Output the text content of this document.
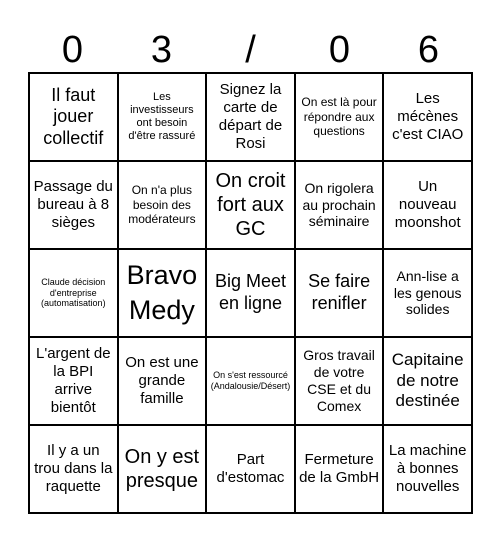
0	3	/	0	6
Il faut jouer collectif
Les investisseurs ont besoin d'être rassuré
Signez la carte de départ de Rosi
On est là pour répondre aux questions
Les mécènes c'est CIAO
Passage du bureau à 8 sièges
On n'a plus besoin des modérateurs
On croit fort aux GC
On rigolera au prochain séminaire
Un nouveau moonshot
Claude décision d'entreprise (automatisation)
Bravo Medy
Big Meet en ligne
Se faire renifler
Ann-lise a les genous solides
L'argent de la BPI arrive bientôt
On est une grande famille
On s'est ressourcé (Andalousie/Désert)
Gros travail de votre CSE et du Comex
Capitaine de notre destinée
Il y a un trou dans la raquette
On y est presque
Part d'estomac
Fermeture de la GmbH
La machine à bonnes nouvelles
